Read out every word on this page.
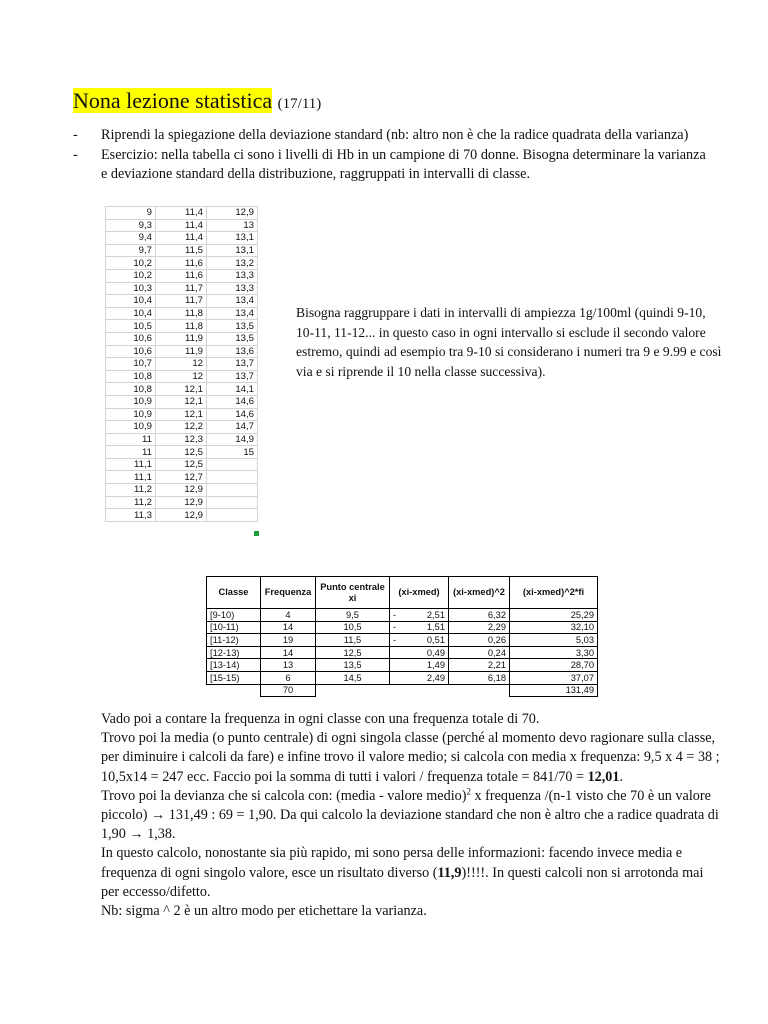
Nona lezione statistica (17/11)
- Riprendi la spiegazione della deviazione standard (nb: altro non è che la radice quadrata della varianza)
- Esercizio: nella tabella ci sono i livelli di Hb in un campione di 70 donne. Bisogna determinare la varianza e deviazione standard della distribuzione, raggruppati in intervalli di classe.
9	11,4	12,9
9,3	11,4	13
9,4	11,4	13,1
9,7	11,5	13,1
10,2	11,6	13,2
10,2	11,6	13,3
10,3	11,7	13,3
10,4	11,7	13,4
10,4	11,8	13,4
10,5	11,8	13,5
10,6	11,9	13,5
10,6	11,9	13,6
10,7	12	13,7
10,8	12	13,7
10,8	12,1	14,1
10,9	12,1	14,6
10,9	12,1	14,6
10,9	12,2	14,7
11	12,3	14,9
11	12,5	15
11,1	12,5	
11,1	12,7	
11,2	12,9	
11,2	12,9	
11,3	12,9	
Bisogna raggruppare i dati in intervalli di ampiezza 1g/100ml (quindi 9-10, 10-11, 11-12... in questo caso in ogni intervallo si esclude il secondo valore estremo, quindi ad esempio tra 9-10 si considerano i numeri tra 9 e 9.99 e così via e si riprende il 10 nella classe successiva).
Classe	Frequenza	Punto centrale xi	(xi-xmed)	(xi-xmed)^2	(xi-xmed)^2*fi
[9-10)	4	9,5	- 2,51	6,32	25,29
[10-11)	14	10,5	- 1,51	2,29	32,10
[11-12)	19	11,5	- 0,51	0,26	5,03
[12-13)	14	12,5	0,49	0,24	3,30
[13-14)	13	13,5	1,49	2,21	28,70
[15-15)	6	14,5	2,49	6,18	37,07
	70				131,49

Vado poi a contare la frequenza in ogni classe con una frequenza totale di 70.

Trovo poi la media (o punto centrale) di ogni singola classe (perché al momento devo ragionare sulla classe, per diminuire i calcoli da fare) e infine trovo il valore medio; si calcola con media x frequenza: 9,5 x 4 = 38 ; 10,5x14 = 247 ecc. Faccio poi la somma di tutti i valori / frequenza totale = 841/70 = 12,01.

Trovo poi la devianza che si calcola con: (media - valore medio)$^2$ x frequenza /(n-1 visto che 70 è un valore piccolo) → 131,49 : 69 = 1,90. Da qui calcolo la deviazione standard che non è altro che a radice quadrata di 1,90 → 1,38.

In questo calcolo, nonostante sia più rapido, mi sono persa delle informazioni: facendo invece media e frequenza di ogni singolo valore, esce un risultato diverso (11,9)!!!!. In questi calcoli non si arrotonda mai per eccesso/difetto.

Nb: sigma ^ 2 è un altro modo per etichettare la varianza.
